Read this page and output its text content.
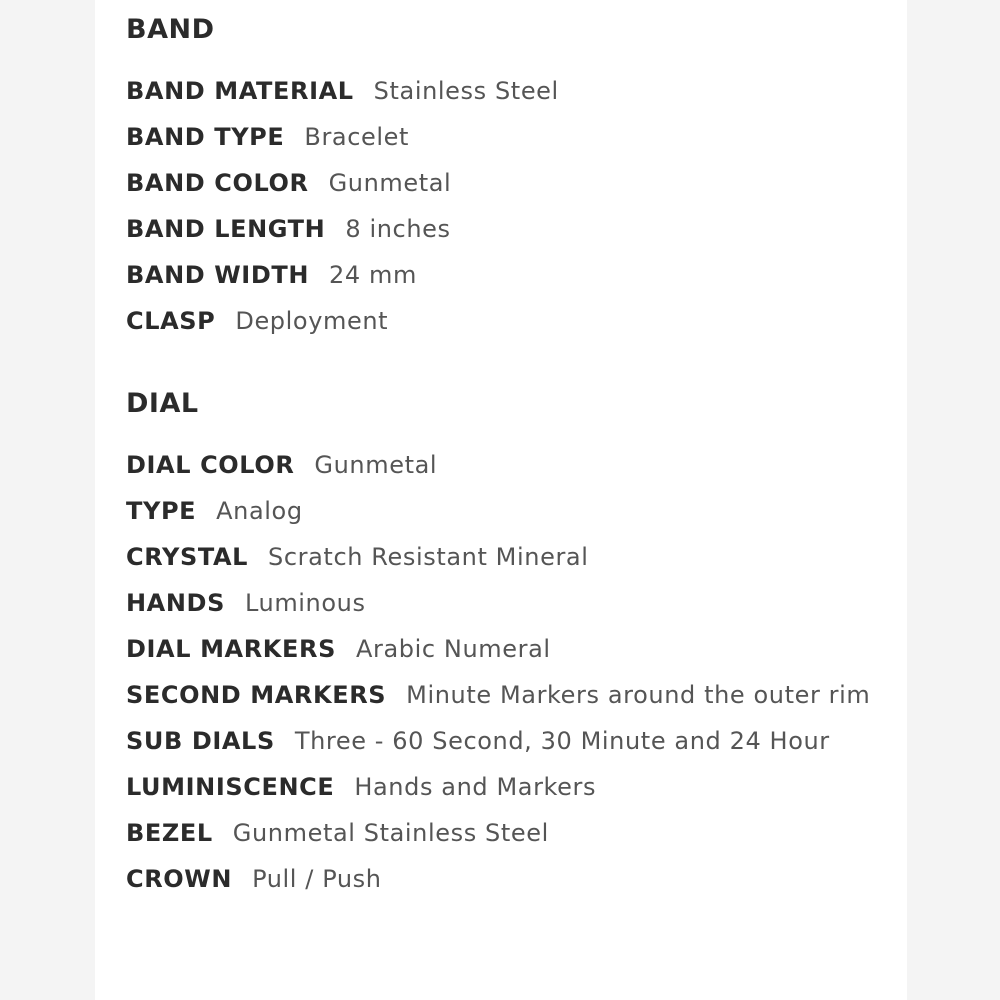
BAND
BAND MATERIAL Stainless Steel
BAND TYPE Bracelet
BAND COLOR Gunmetal
BAND LENGTH 8 inches
BAND WIDTH 24 mm
CLASP Deployment
DIAL
DIAL COLOR Gunmetal
TYPE Analog
CRYSTAL Scratch Resistant Mineral
HANDS Luminous
DIAL MARKERS Arabic Numeral
SECOND MARKERS Minute Markers around the outer rim
SUB DIALS Three - 60 Second, 30 Minute and 24 Hour
LUMINISCENCE Hands and Markers
BEZEL Gunmetal Stainless Steel
CROWN Pull / Push
